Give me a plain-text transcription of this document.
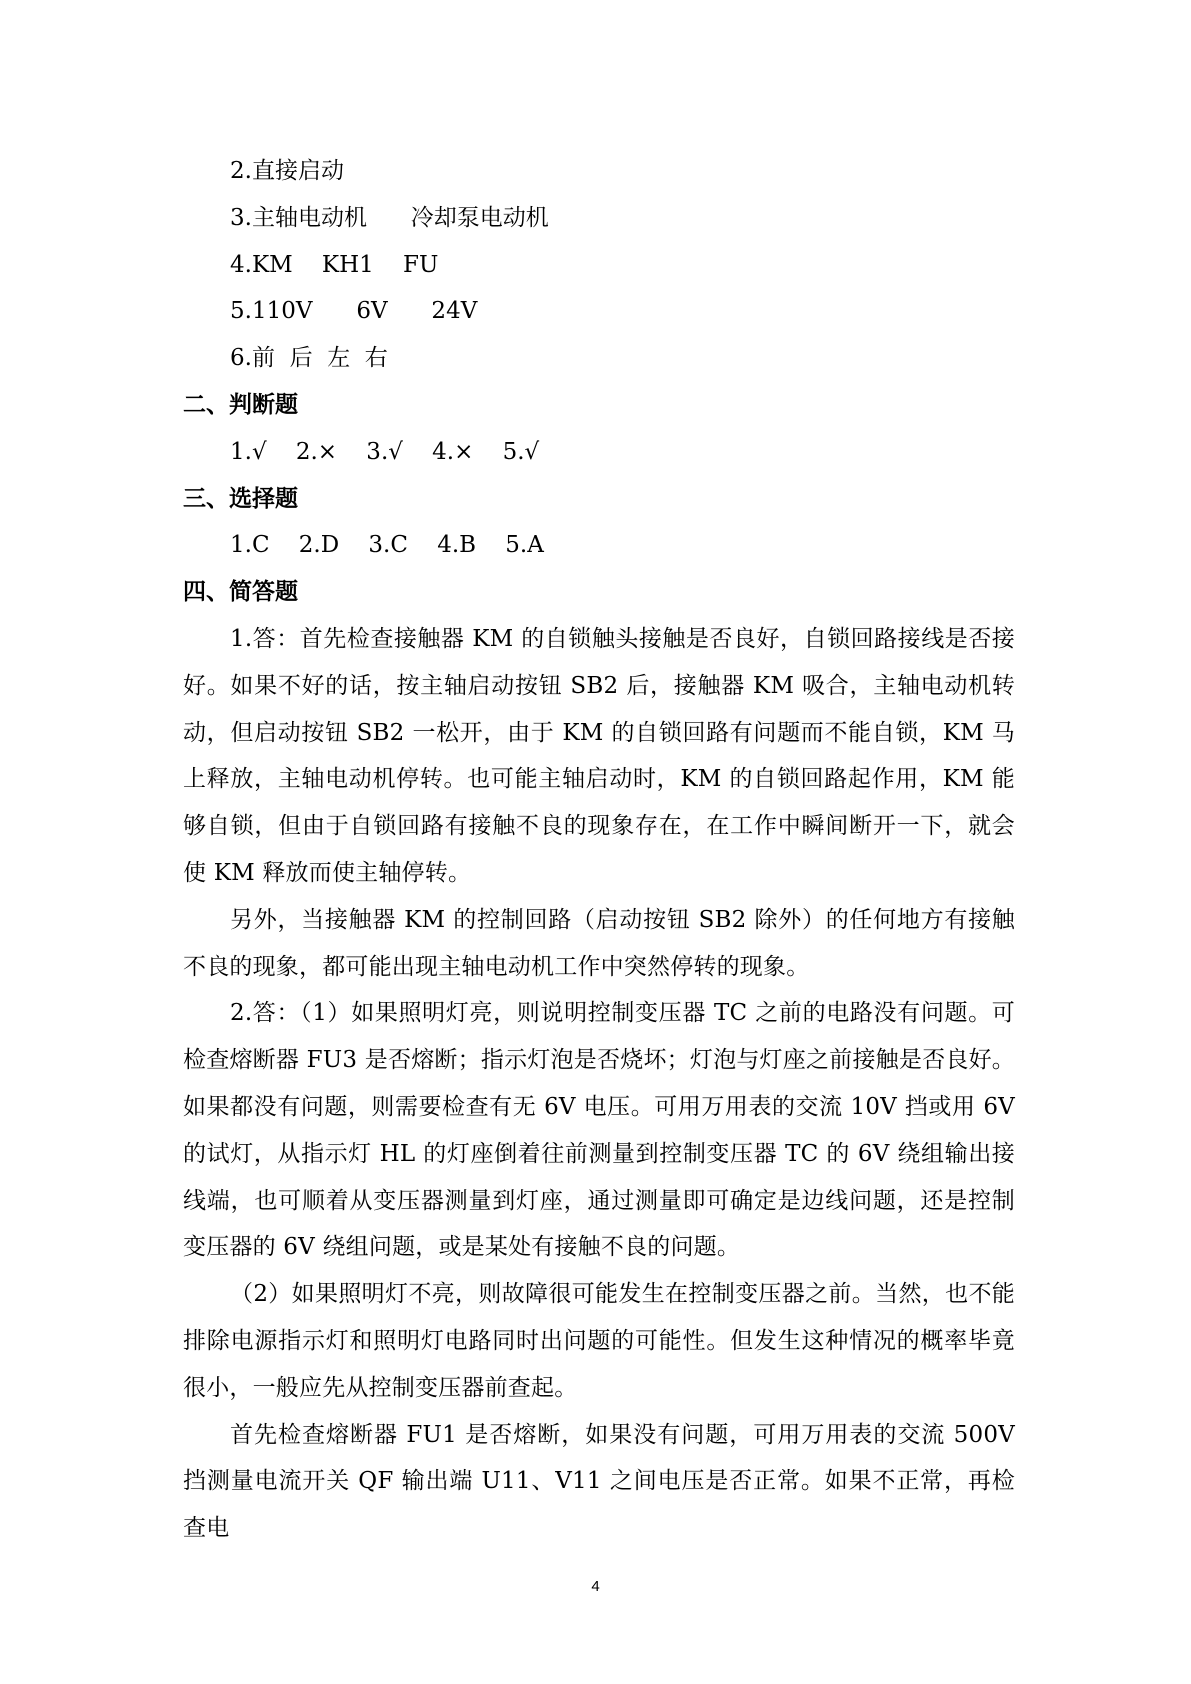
2.直接启动

3.主轴电动机      冷却泵电动机

4.KM    KH1    FU

5.110V      6V      24V

6.前  后  左  右

二、判断题

1.√    2.×    3.√    4.×    5.√

三、选择题

1.C    2.D    3.C    4.B    5.A

四、简答题

1.答：首先检查接触器 KM 的自锁触头接触是否良好，自锁回路接线是否接好。如果不好的话，按主轴启动按钮 SB2 后，接触器 KM 吸合，主轴电动机转动，但启动按钮 SB2 一松开，由于 KM 的自锁回路有问题而不能自锁，KM 马上释放，主轴电动机停转。也可能主轴启动时，KM 的自锁回路起作用，KM 能够自锁，但由于自锁回路有接触不良的现象存在，在工作中瞬间断开一下，就会使 KM 释放而使主轴停转。

另外，当接触器 KM 的控制回路（启动按钮 SB2 除外）的任何地方有接触不良的现象，都可能出现主轴电动机工作中突然停转的现象。

2.答：（1）如果照明灯亮，则说明控制变压器 TC 之前的电路没有问题。可检查熔断器 FU3 是否熔断；指示灯泡是否烧坏；灯泡与灯座之前接触是否良好。如果都没有问题，则需要检查有无 6V 电压。可用万用表的交流 10V 挡或用 6V 的试灯，从指示灯 HL 的灯座倒着往前测量到控制变压器 TC 的 6V 绕组输出接线端，也可顺着从变压器测量到灯座，通过测量即可确定是边线问题，还是控制变压器的 6V 绕组问题，或是某处有接触不良的问题。

（2）如果照明灯不亮，则故障很可能发生在控制变压器之前。当然，也不能排除电源指示灯和照明灯电路同时出问题的可能性。但发生这种情况的概率毕竟很小，一般应先从控制变压器前查起。

首先检查熔断器 FU1 是否熔断，如果没有问题，可用万用表的交流 500V 挡测量电流开关 QF 输出端 U11、V11 之间电压是否正常。如果不正常，再检查电

4
